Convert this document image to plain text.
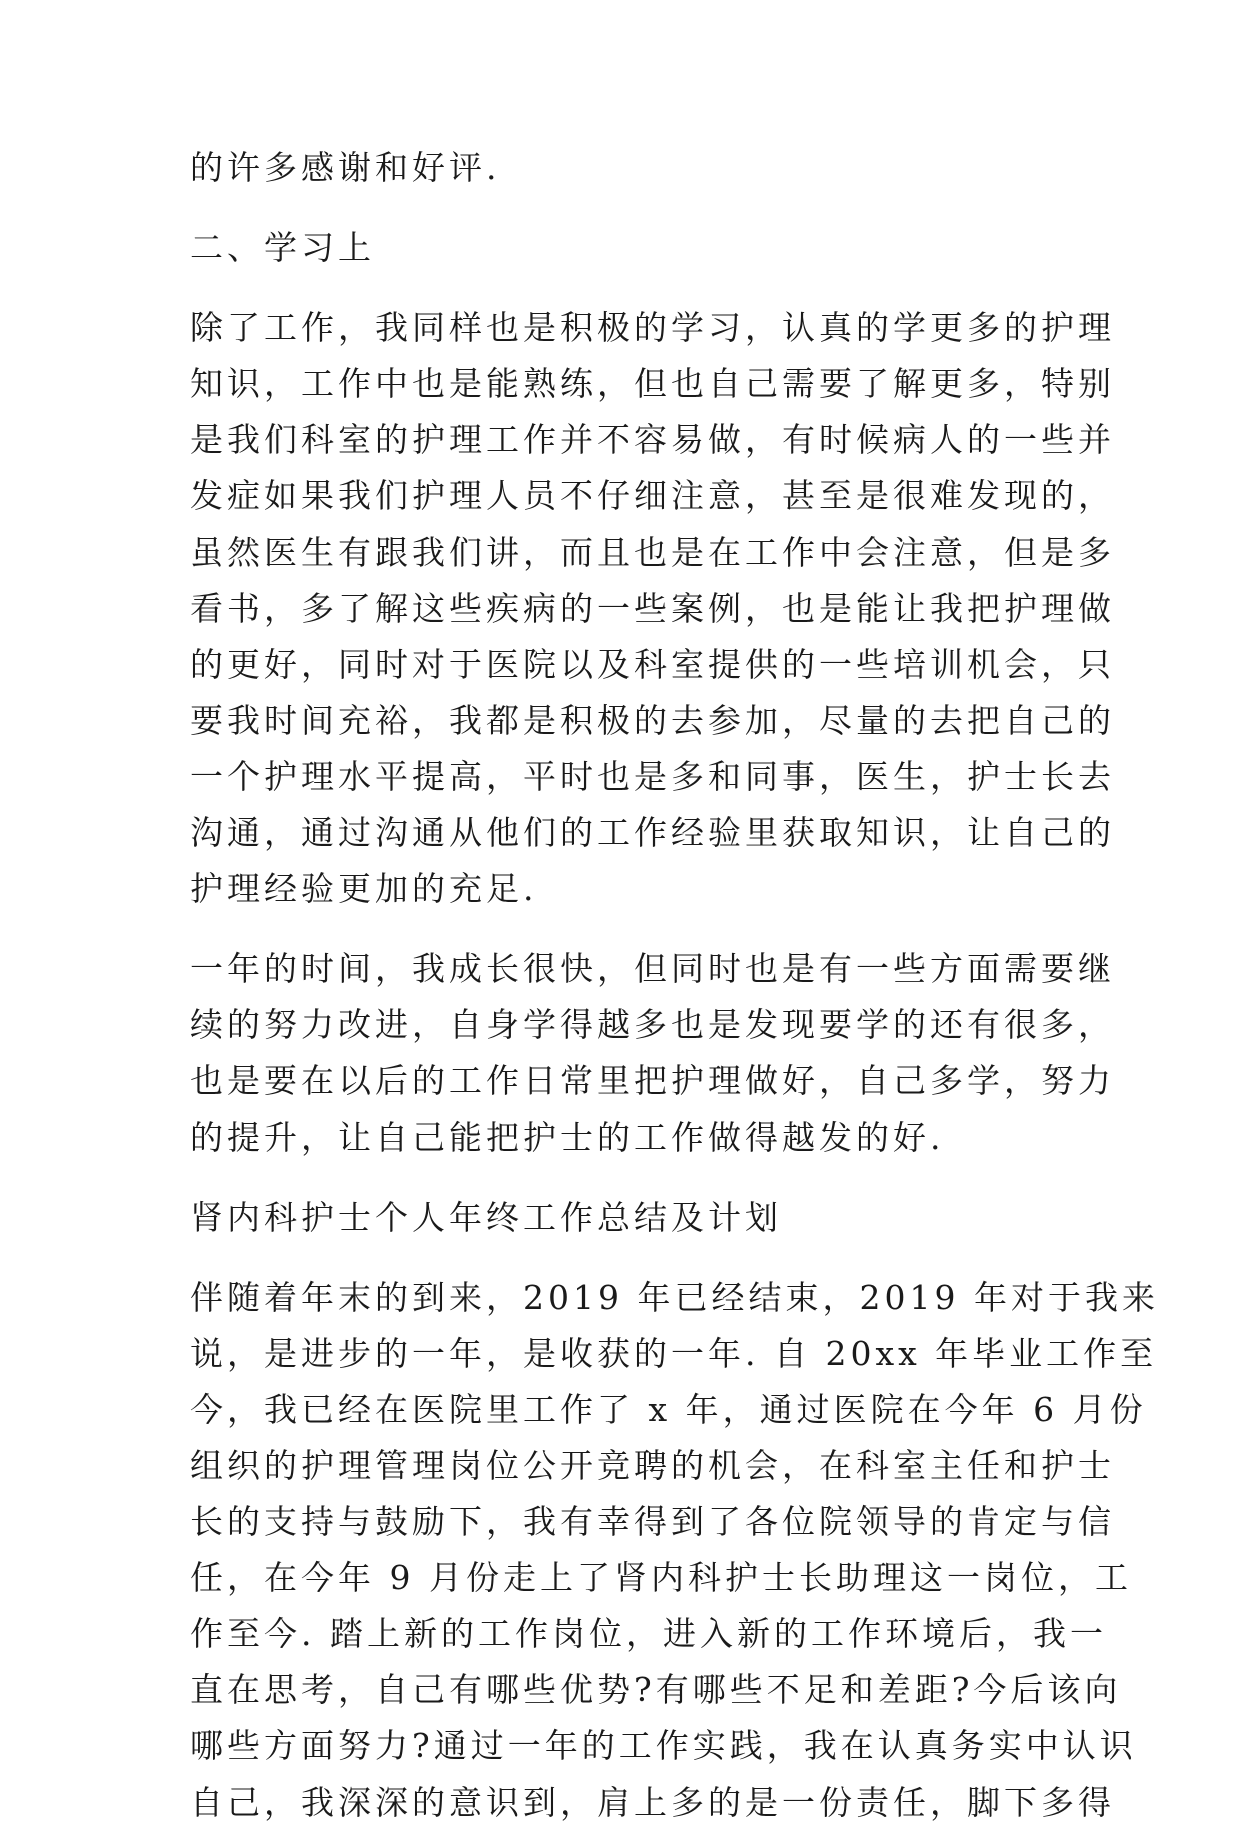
的许多感谢和好评.
二、学习上
除了工作，我同样也是积极的学习，认真的学更多的护理
知识，工作中也是能熟练，但也自己需要了解更多，特别
是我们科室的护理工作并不容易做，有时候病人的一些并
发症如果我们护理人员不仔细注意，甚至是很难发现的，
虽然医生有跟我们讲，而且也是在工作中会注意，但是多
看书，多了解这些疾病的一些案例，也是能让我把护理做
的更好，同时对于医院以及科室提供的一些培训机会，只
要我时间充裕，我都是积极的去参加，尽量的去把自己的
一个护理水平提高，平时也是多和同事，医生，护士长去
沟通，通过沟通从他们的工作经验里获取知识，让自己的
护理经验更加的充足.
一年的时间，我成长很快，但同时也是有一些方面需要继
续的努力改进，自身学得越多也是发现要学的还有很多，
也是要在以后的工作日常里把护理做好，自己多学，努力
的提升，让自己能把护士的工作做得越发的好.
肾内科护士个人年终工作总结及计划
伴随着年末的到来，2019 年已经结束，2019 年对于我来
说，是进步的一年，是收获的一年. 自 20xx 年毕业工作至
今，我已经在医院里工作了 x 年，通过医院在今年 6 月份
组织的护理管理岗位公开竞聘的机会，在科室主任和护士
长的支持与鼓励下，我有幸得到了各位院领导的肯定与信
任，在今年 9 月份走上了肾内科护士长助理这一岗位，工
作至今. 踏上新的工作岗位，进入新的工作环境后，我一
直在思考，自己有哪些优势?有哪些不足和差距?今后该向
哪些方面努力?通过一年的工作实践，我在认真务实中认识
自己，我深深的意识到，肩上多的是一份责任，脚下多得
